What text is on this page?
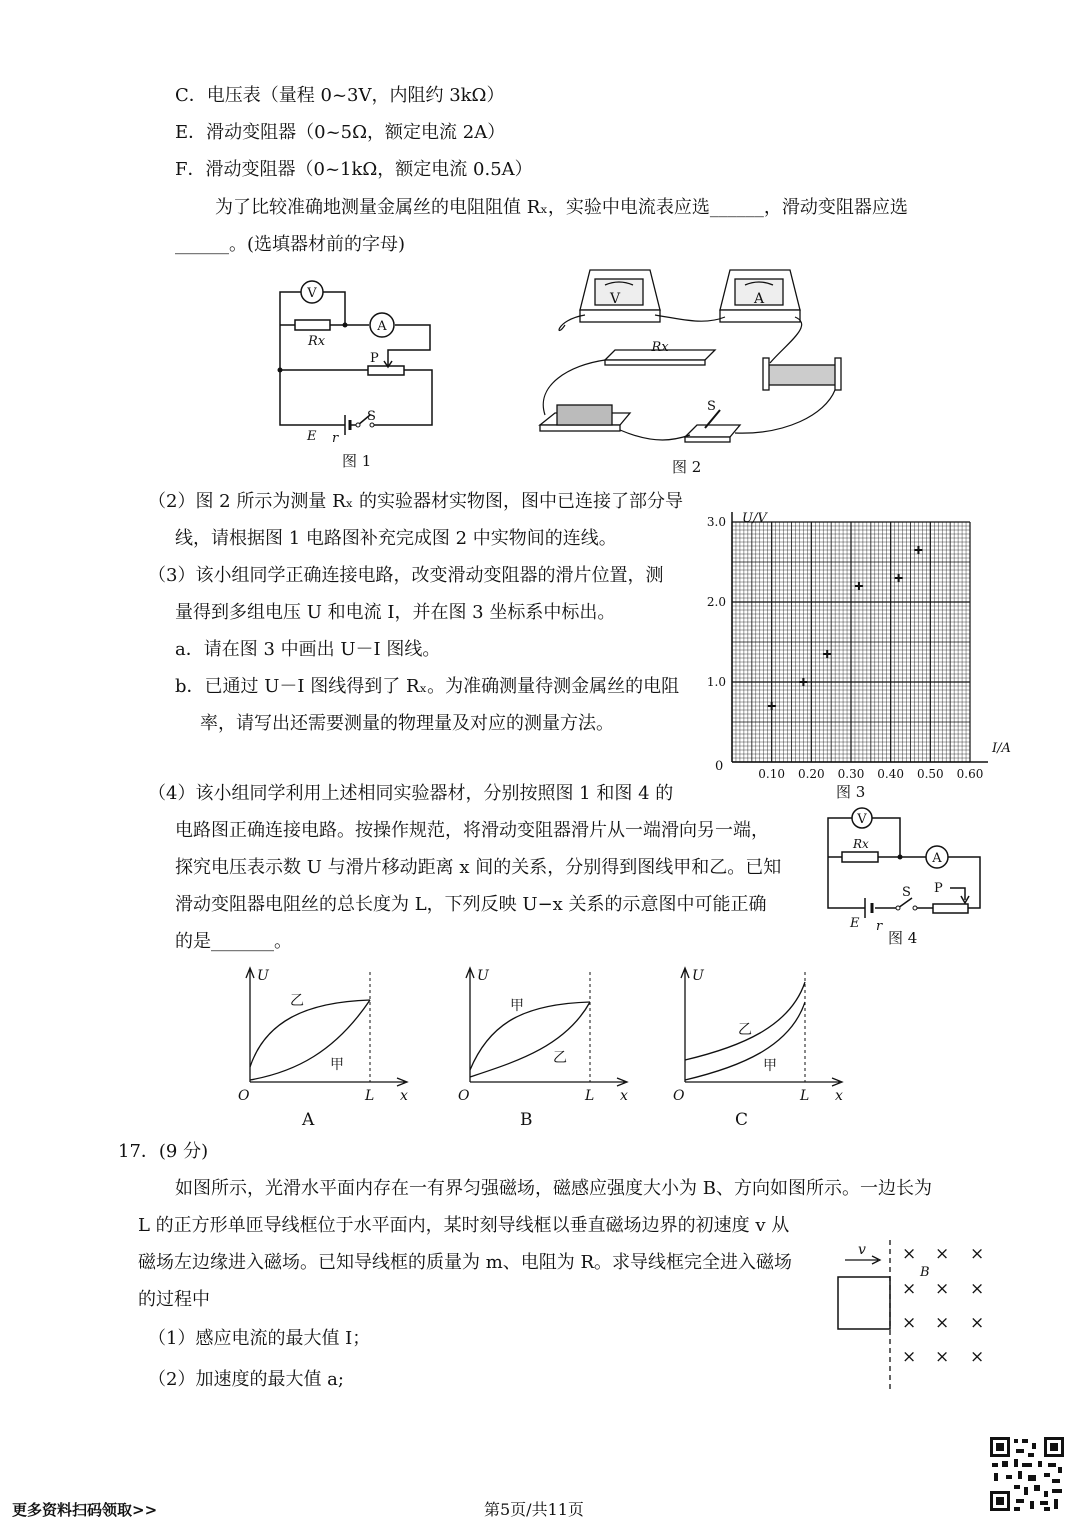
C．电压表（量程 0~3V，内阻约 3kΩ）
E．滑动变阻器（0~5Ω，额定电流 2A）
F．滑动变阻器（0~1kΩ，额定电流 0.5A）
为了比较准确地测量金属丝的电阻阻值 Rₓ，实验中电流表应选______，滑动变阻器应选
______。(选填器材前的字母)
V
Rx
A
P
S
E r
图 1
V	A
Rx
S
图 2
（2）图 2 所示为测量 Rₓ 的实验器材实物图，图中已连接了部分导
线，请根据图 1 电路图补充完成图 2 中实物间的连线。
（3）该小组同学正确连接电路，改变滑动变阻器的滑片位置，测
量得到多组电压 U 和电流 I，并在图 3 坐标系中标出。
a．请在图 3 中画出 U－I 图线。
b．已通过 U－I 图线得到了 Rₓ。为准确测量待测金属丝的电阻
率，请写出还需要测量的物理量及对应的测量方法。
0.10 0.20 0.30 0.40 0.50 0.60
1.0
2.0
3.0 U/V
I/A
0
图 3
（4）该小组同学利用上述相同实验器材，分别按照图 1 和图 4 的
电路图正确连接电路。按操作规范，将滑动变阻器滑片从一端滑向另一端，
探究电压表示数 U 与滑片移动距离 x 间的关系，分别得到图线甲和乙。已知
滑动变阻器电阻丝的总长度为 L，下列反映 U−x 关系的示意图中可能正确
的是_______。
V
Rx
A
P
S
E r
图 4
U
乙
甲
O	L x
A
U
甲
乙
O	L x
B
U
乙
甲
O	L x
C
17．(9 分)
如图所示，光滑水平面内存在一有界匀强磁场，磁感应强度大小为 B、方向如图所示。一边长为
L 的正方形单匝导线框位于水平面内，某时刻导线框以垂直磁场边界的初速度 v 从
磁场左边缘进入磁场。已知导线框的质量为 m、电阻为 R。求导线框完全进入磁场
的过程中
（1）感应电流的最大值 I；
（2）加速度的最大值 a;
v × × ×
× × ×
× × ×
× × ×
B
更多资料扫码领取>>	第5页/共11页
